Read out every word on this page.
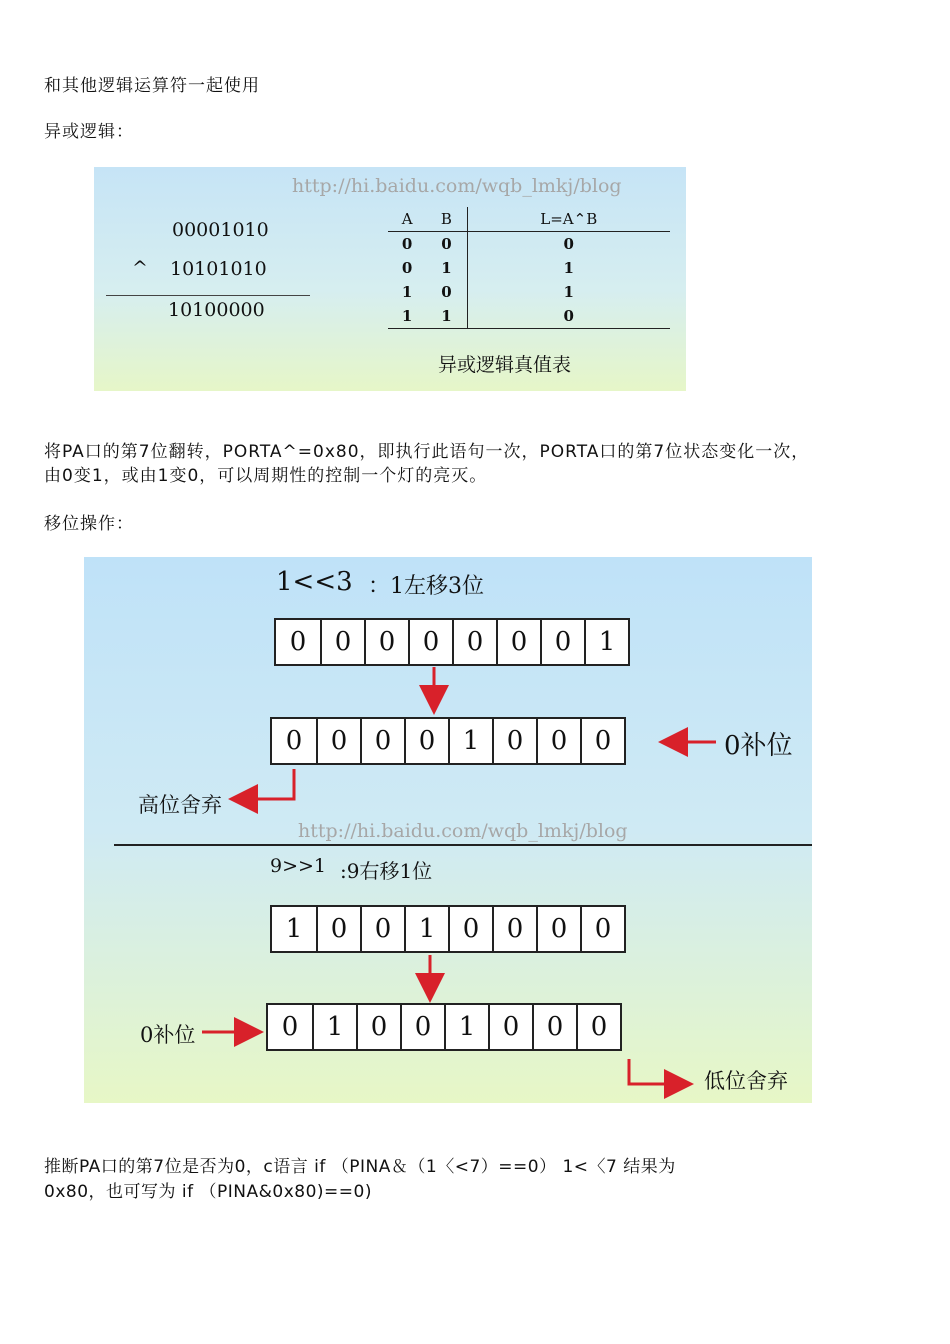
和其他逻辑运算符一起使用
异或逻辑：
http://hi.baidu.com/wqb_lmkj/blog
00001010
^ 10101010
10100000
A	B	L=A⌃B
0	0	0
0	1	1
1	0	1
1	1	0
异或逻辑真值表
将PA口的第7位翻转，PORTA^=0x80，即执行此语句一次，PORTA口的第7位状态变化一次，
由0变1，或由1变0，可以周期性的控制一个灯的亮灭。
移位操作：
1<<3 ：1左移3位
0	0	0	0	0	0	0	1
0	0	0	0	1	0	0	0	0补位
高位舍弃
http://hi.baidu.com/wqb_lmkj/blog
9>>1 :9右移1位
1	0	0	1	0	0	0	0
0	1	0	0	1	0	0	0
0补位
低位舍弃
推断PA口的第7位是否为0，c语言 if （PINA＆（1〈<7）==0） 1<〈7 结果为
0x80，也可写为 if （PINA&0x80)==0)
